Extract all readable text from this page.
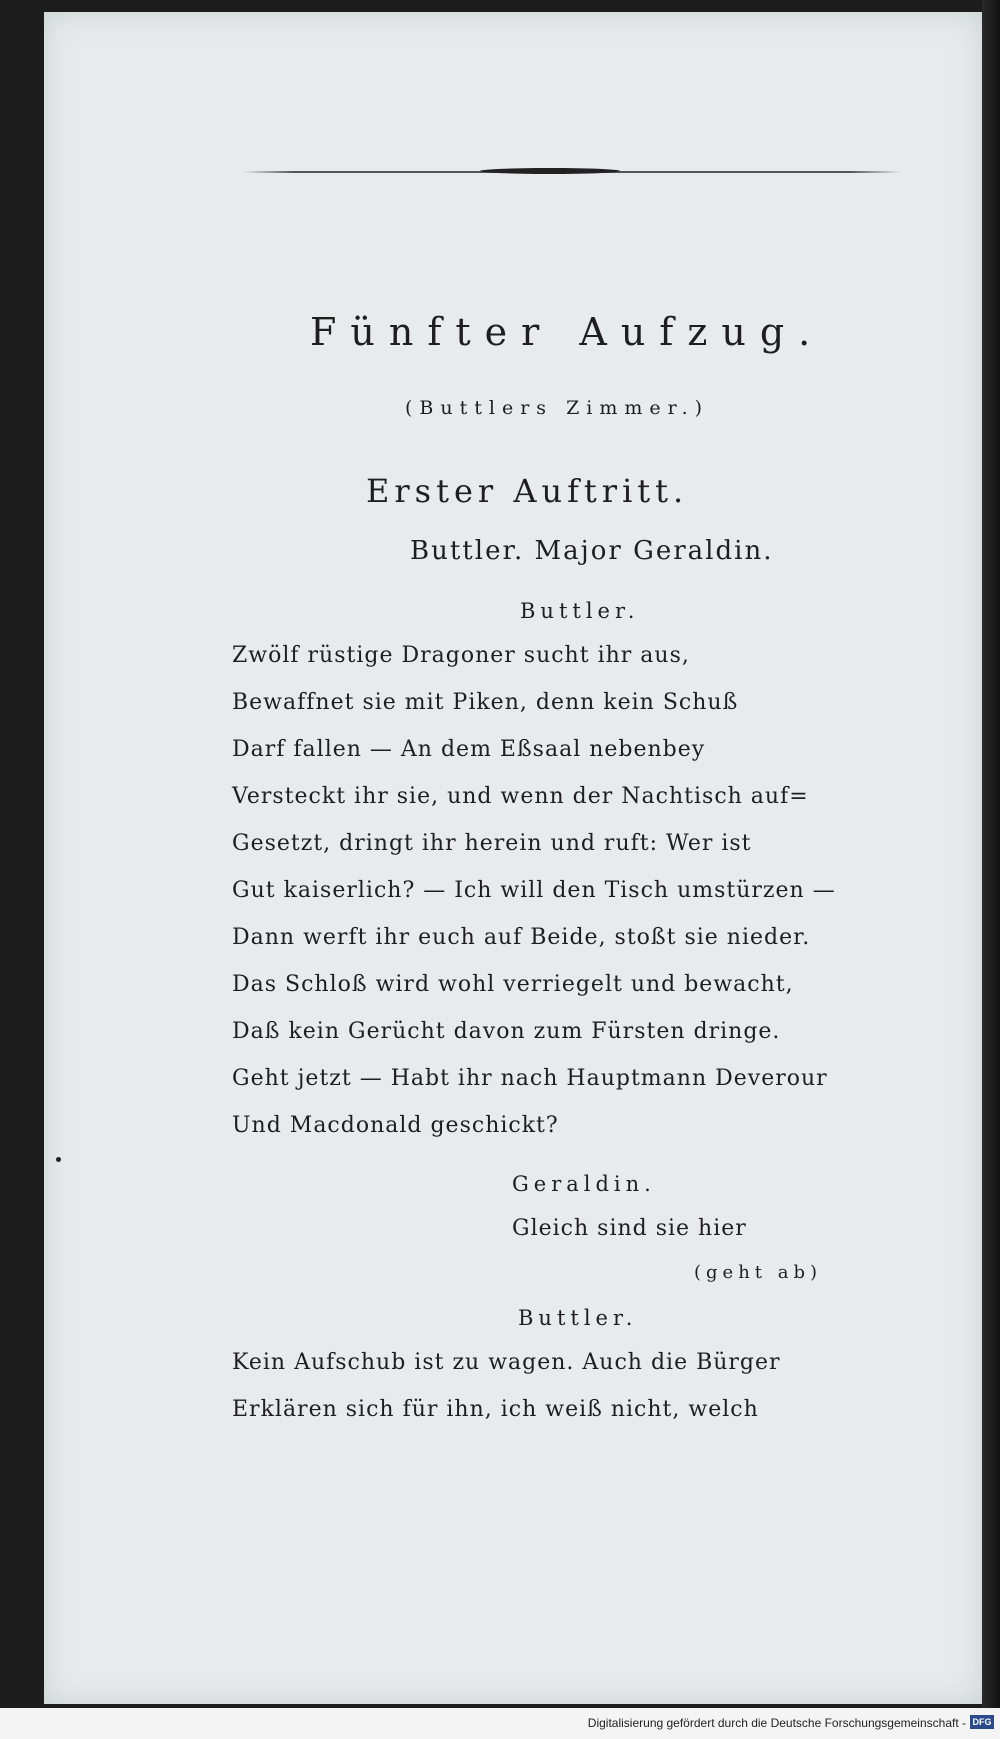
Fünfter Aufzug.
(Buttlers Zimmer.)
Erster Auftritt.
Buttler. Major Geraldin.
Buttler.
Zwölf rüstige Dragoner sucht ihr aus,
Bewaffnet sie mit Piken, denn kein Schuß
Darf fallen — An dem Eßsaal nebenbey
Versteckt ihr sie, und wenn der Nachtisch auf=
Gesetzt, dringt ihr herein und ruft: Wer ist
Gut kaiserlich? — Ich will den Tisch umstürzen —
Dann werft ihr euch auf Beide, stoßt sie nieder.
Das Schloß wird wohl verriegelt und bewacht,
Daß kein Gerücht davon zum Fürsten dringe.
Geht jetzt — Habt ihr nach Hauptmann Deverour
Und Macdonald geschickt?
Geraldin.
Gleich sind sie hier
(geht ab)
Buttler.
Kein Aufschub ist zu wagen. Auch die Bürger
Erklären sich für ihn, ich weiß nicht, welch
Digitalisierung gefördert durch die Deutsche Forschungsgemeinschaft - DFG
